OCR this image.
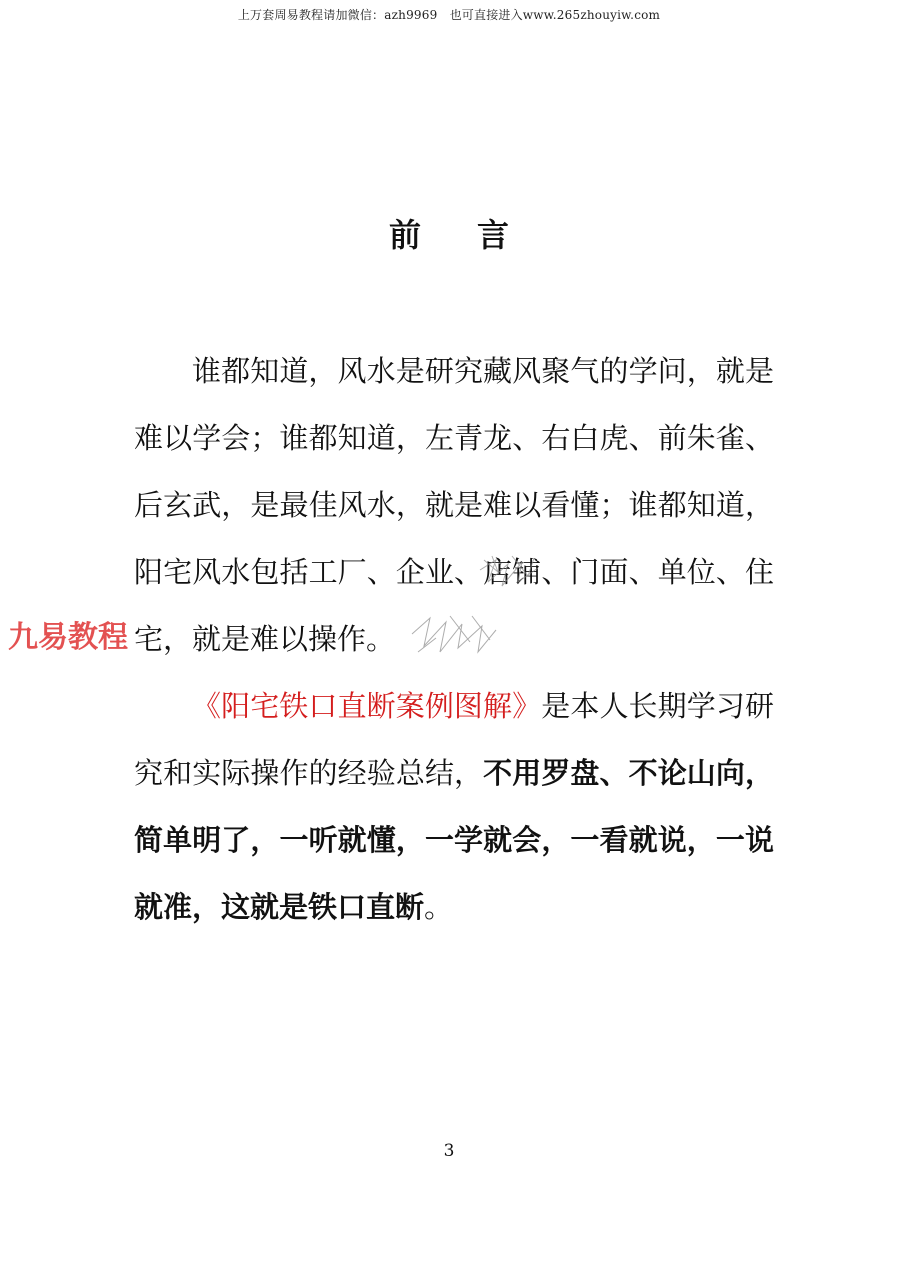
上万套周易教程请加微信：azh9969　也可直接进入www.265zhouyiw.com
前 言

谁都知道，风水是研究藏风聚气的学问，就是难以学会；谁都知道，左青龙、右白虎、前朱雀、后玄武，是最佳风水，就是难以看懂；谁都知道，阳宅风水包括工厂、企业、店铺、门面、单位、住宅，就是难以操作。

《阳宅铁口直断案例图解》是本人长期学习研究和实际操作的经验总结，不用罗盘、不论山向，简单明了，一听就懂，一学就会，一看就说，一说就准，这就是铁口直断。

九易教程
3
